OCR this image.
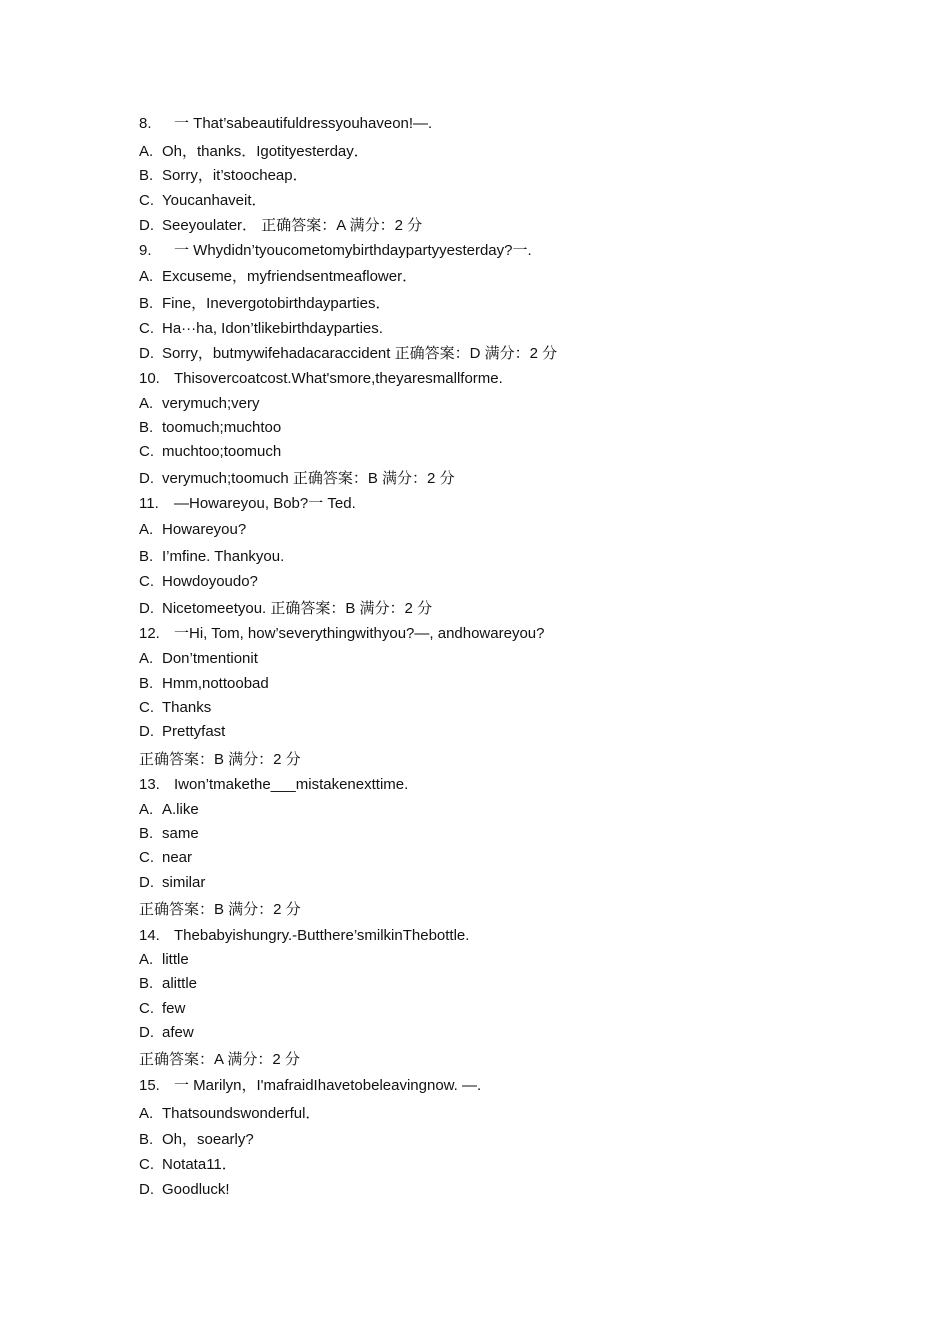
8. 一 That’sabeautifuldressyouhaveon!—.
A. Oh，thanks．Igotityesterday．
B. Sorry，it’stoocheap．
C. Youcanhaveit．
D. Seeyoulater． 正确答案：A 满分：2 分
9. 一 Whydidn’tyoucometomybirthdaypartyyesterday?一.
A. Excuseme，myfriendsentmeaflower．
B. Fine，Inevergotobirthdayparties．
C. Ha···ha, Idon’tlikebirthdayparties.
D. Sorry，butmywifehadacaraccident 正确答案：D 满分：2 分
10. Thisovercoatcost.What'smore,theyaresmallforme.
A. verymuch;very
B. toomuch;muchtoo
C. muchtoo;toomuch
D. verymuch;toomuch 正确答案：B 满分：2 分
11. —Howareyou, Bob?一 Ted.
A. Howareyou?
B. I’mfine. Thankyou.
C. Howdoyoudo?
D. Nicetomeetyou. 正确答案：B 满分：2 分
12. 一Hi, Tom, how’severythingwithyou?—, andhowareyou?
A. Don’tmentionit
B. Hmm,nottoobad
C. Thanks
D. Prettyfast
正确答案：B 满分：2 分
13. Iwon’tmakethe___mistakenexttime.
A. A.like
B. same
C. near
D. similar
正确答案：B 满分：2 分
14. Thebabyishungry.-Butthere’smilkinThebottle.
A. little
B. alittle
C. few
D. afew
正确答案：A 满分：2 分
15. 一 Marilyn，I'mafraidIhavetobeleavingnow. —.
A. Thatsoundswonderful．
B. Oh，soearly?
C. Notata11．
D. Goodluck!
